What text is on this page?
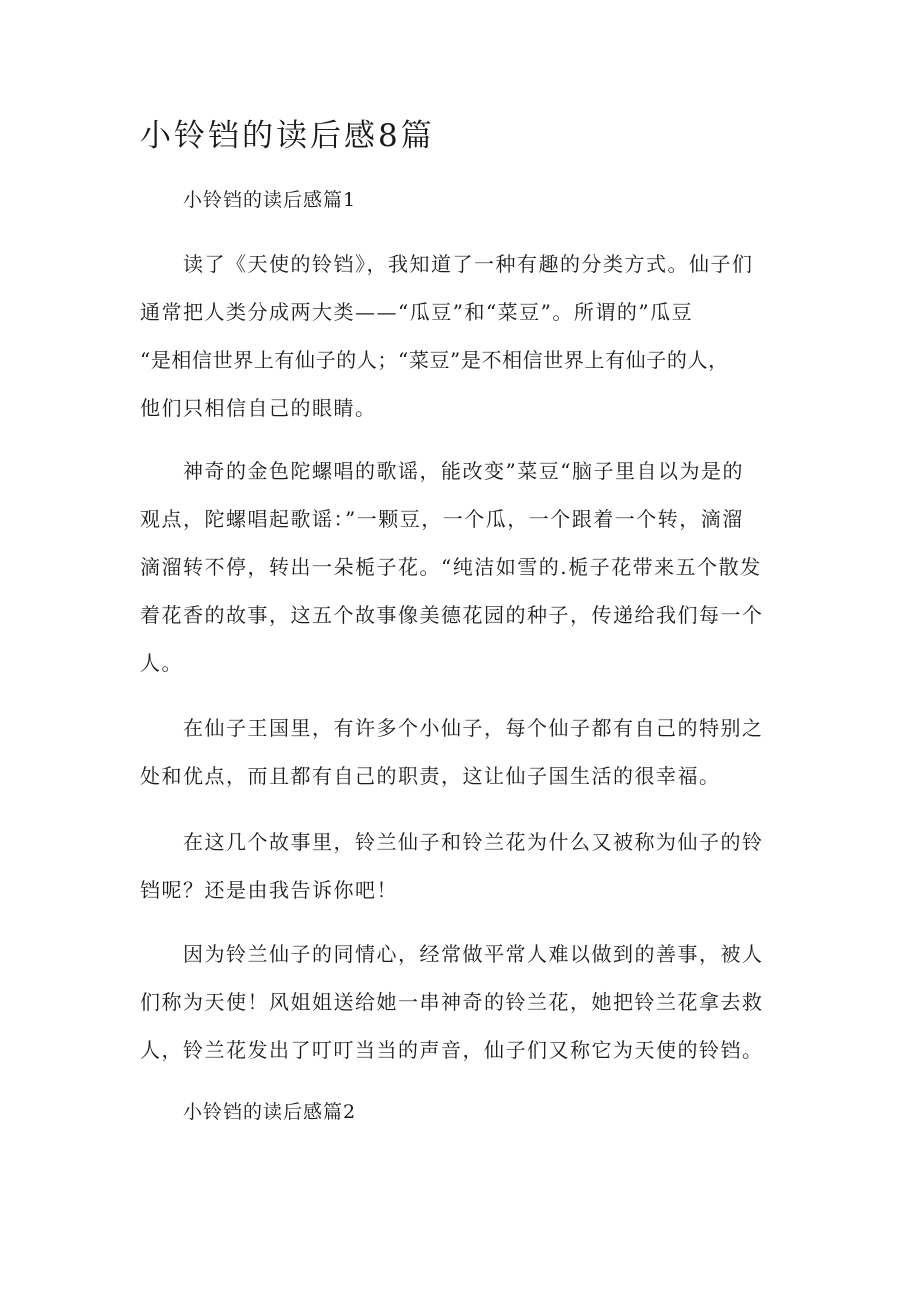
小铃铛的读后感8篇
小铃铛的读后感篇1

读了《天使的铃铛》，我知道了一种有趣的分类方式。仙子们
通常把人类分成两大类——“瓜豆”和“菜豆”。所谓的”瓜豆
“是相信世界上有仙子的人；“菜豆”是不相信世界上有仙子的人，
他们只相信自己的眼睛。

神奇的金色陀螺唱的歌谣，能改变”菜豆“脑子里自以为是的
观点，陀螺唱起歌谣：”一颗豆，一个瓜，一个跟着一个转，滴溜
滴溜转不停，转出一朵栀子花。“纯洁如雪的.栀子花带来五个散发
着花香的故事，这五个故事像美德花园的种子，传递给我们每一个
人。

在仙子王国里，有许多个小仙子，每个仙子都有自己的特别之
处和优点，而且都有自己的职责，这让仙子国生活的很幸福。

在这几个故事里，铃兰仙子和铃兰花为什么又被称为仙子的铃
铛呢？还是由我告诉你吧！

因为铃兰仙子的同情心，经常做平常人难以做到的善事，被人
们称为天使！风姐姐送给她一串神奇的铃兰花，她把铃兰花拿去救
人，铃兰花发出了叮叮当当的声音，仙子们又称它为天使的铃铛。

小铃铛的读后感篇2
